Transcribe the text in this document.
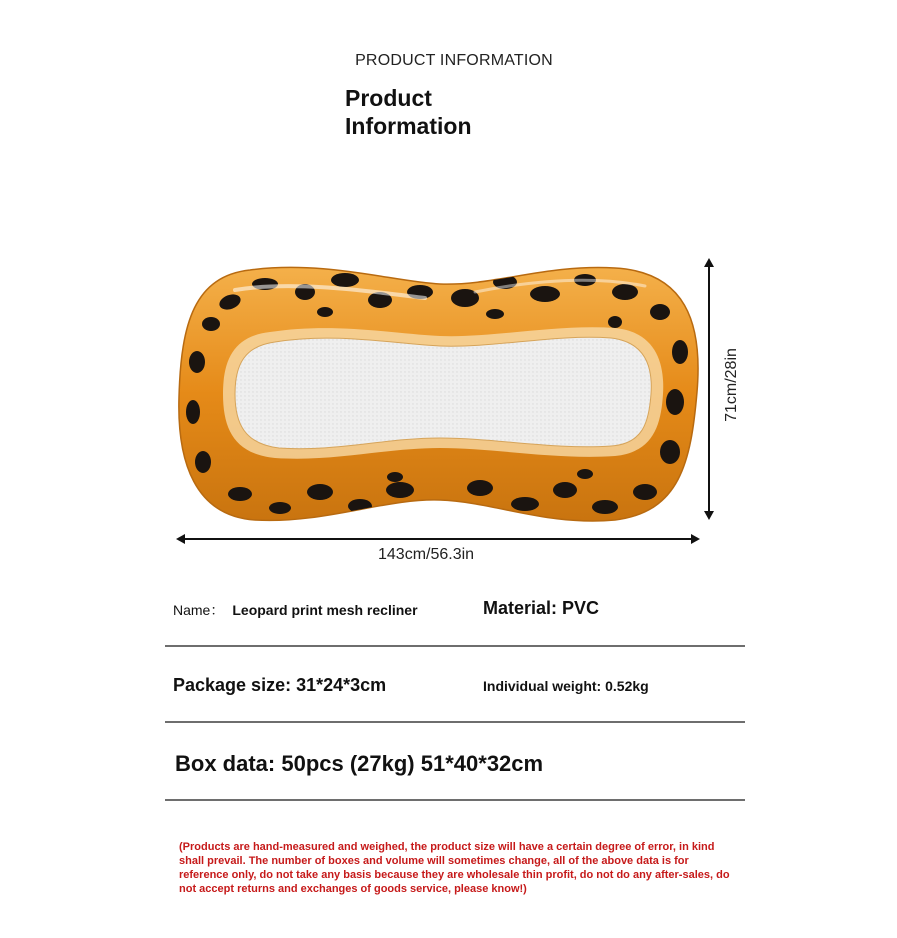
PRODUCT INFORMATION
Product
Information
143cm/56.3in
71cm/28in
Name： Leopard print mesh recliner	Material: PVC
Package size: 31*24*3cm	Individual weight: 0.52kg
Box data: 50pcs (27kg) 51*40*32cm
(Products are hand-measured and weighed, the product size will have a certain degree of error, in kind shall prevail. The number of boxes and volume will sometimes change, all of the above data is for reference only, do not take any basis because they are wholesale thin profit, do not do any after-sales, do not accept returns and exchanges of goods service, please know!)
